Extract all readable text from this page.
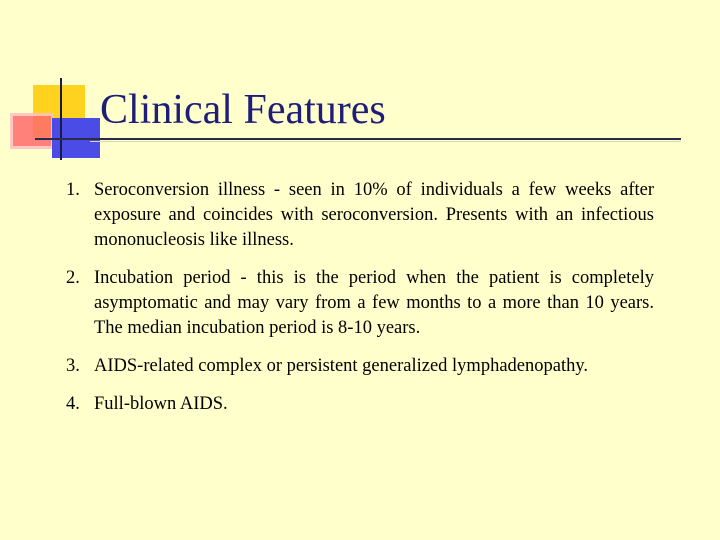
Clinical Features
1. Seroconversion illness - seen in 10% of individuals a few weeks after exposure and coincides with seroconversion. Presents with an infectious mononucleosis like illness.
2. Incubation period - this is the period when the patient is completely asymptomatic and may vary from a few months to a more than 10 years. The median incubation period is 8-10 years.
3. AIDS-related complex or persistent generalized lymphadenopathy.
4. Full-blown AIDS.
